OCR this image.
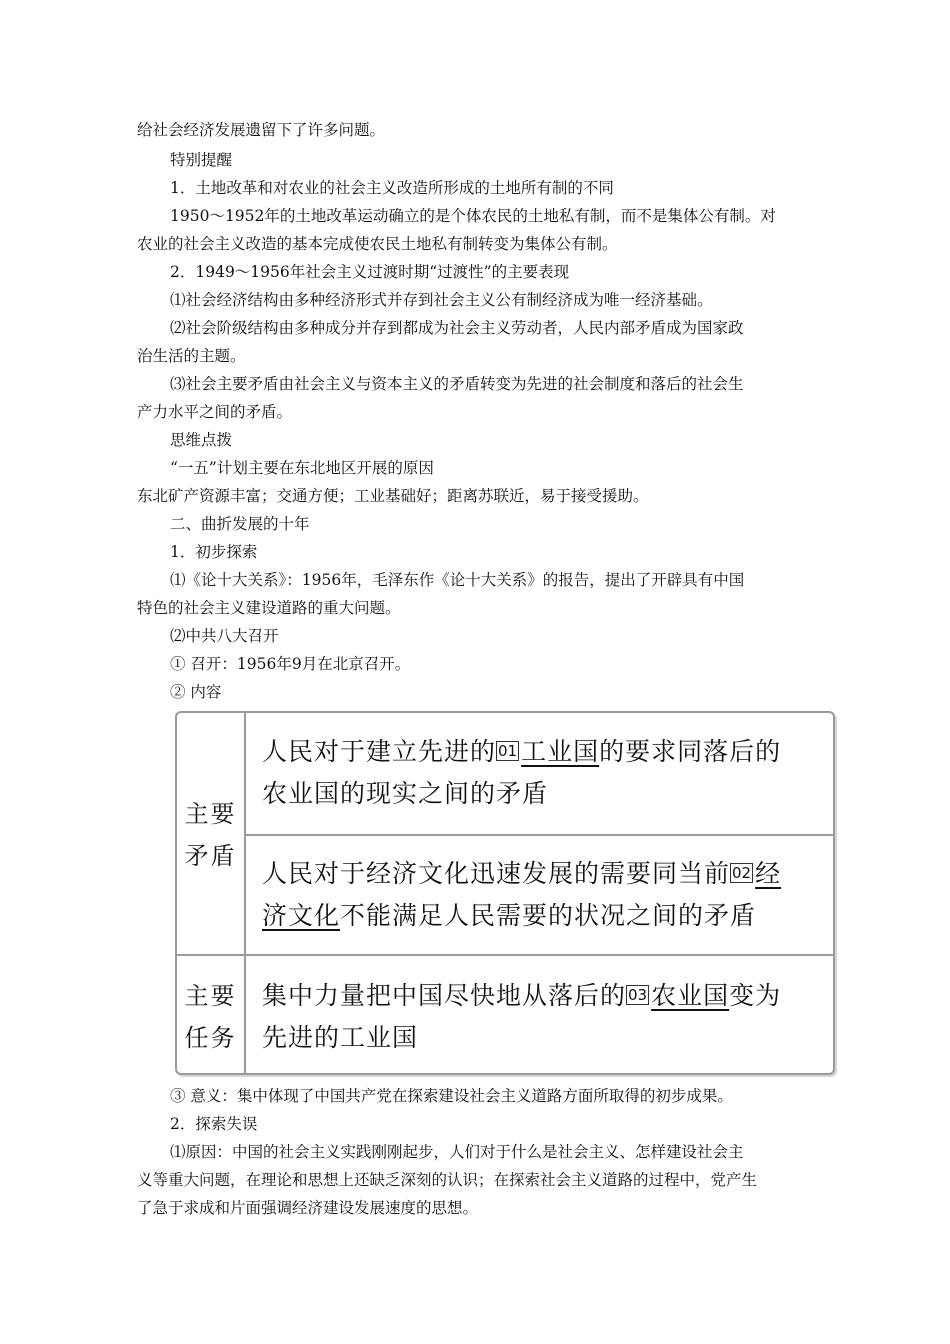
给社会经济发展遗留下了许多问题。
特别提醒
1．土地改革和对农业的社会主义改造所形成的土地所有制的不同
1950～1952年的土地改革运动确立的是个体农民的土地私有制，而不是集体公有制。对
农业的社会主义改造的基本完成使农民土地私有制转变为集体公有制。
2．1949～1956年社会主义过渡时期“过渡性”的主要表现
⑴社会经济结构由多种经济形式并存到社会主义公有制经济成为唯一经济基础。
⑵社会阶级结构由多种成分并存到都成为社会主义劳动者，人民内部矛盾成为国家政
治生活的主题。
⑶社会主要矛盾由社会主义与资本主义的矛盾转变为先进的社会制度和落后的社会生
产力水平之间的矛盾。
思维点拨
“一五”计划主要在东北地区开展的原因
东北矿产资源丰富；交通方便；工业基础好；距离苏联近，易于接受援助。
二、曲折发展的十年
1．初步探索
⑴《论十大关系》：1956年，毛泽东作《论十大关系》的报告，提出了开辟具有中国
特色的社会主义建设道路的重大问题。
⑵中共八大召开
① 召开：1956年9月在北京召开。
② 内容
主要
矛盾
人民对于建立先进的 01 工业国的要求同落后的
农业国的现实之间的矛盾
人民对于经济文化迅速发展的需要同当前 02 经
济文化不能满足人民需要的状况之间的矛盾
主要
任务
集中力量把中国尽快地从落后的 03 农业国变为
先进的工业国
③ 意义：集中体现了中国共产党在探索建设社会主义道路方面所取得的初步成果。
2．探索失误
⑴原因：中国的社会主义实践刚刚起步，人们对于什么是社会主义、怎样建设社会主
义等重大问题，在理论和思想上还缺乏深刻的认识；在探索社会主义道路的过程中，党产生
了急于求成和片面强调经济建设发展速度的思想。
